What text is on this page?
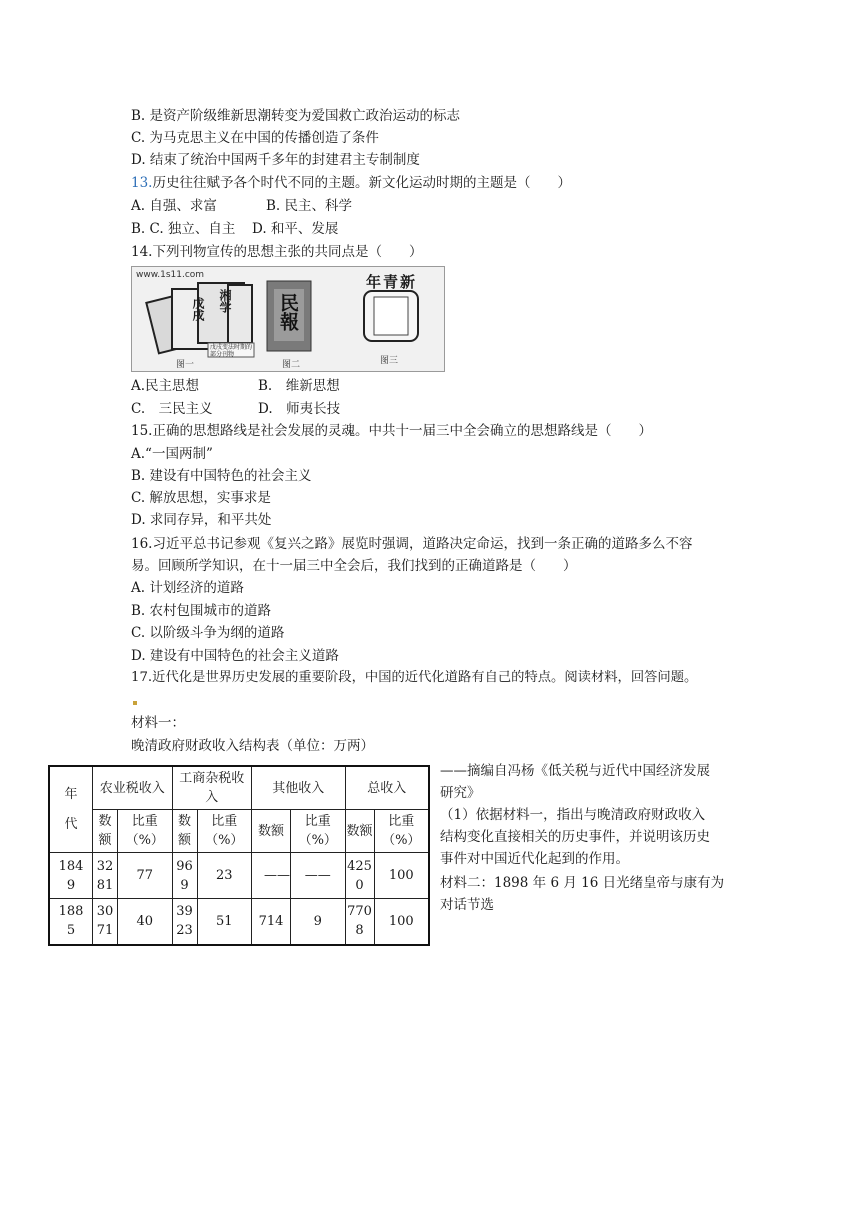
B. 是资产阶级维新思潮转变为爱国救亡政治运动的标志
C. 为马克思主义在中国的传播创造了条件
D. 结束了统治中国两千多年的封建君主专制制度
13.历史往往赋予各个时代不同的主题。新文化运动时期的主题是（　　）
A. 自强、求富	B. 民主、科学
B. C. 独立、自主 D. 和平、发展
14.下列刊物宣传的思想主张的共同点是（　　）
www.1s11.com
戊戌 湘学
戊戌变法时期的部分刊物
图一
民報
图二
年青新
图三
A.民主思想	B.　维新思想
C.　三民主义	D.　师夷长技
15.正确的思想路线是社会发展的灵魂。中共十一届三中全会确立的思想路线是（　　）
A.“一国两制”
B. 建设有中国特色的社会主义
C. 解放思想，实事求是
D. 求同存异，和平共处
16.习近平总书记参观《复兴之路》展览时强调，道路决定命运，找到一条正确的道路多么不容
易。回顾所学知识，在十一届三中全会后，我们找到的正确道路是（　　）
A. 计划经济的道路
B. 农村包围城市的道路
C. 以阶级斗争为纲的道路
D. 建设有中国特色的社会主义道路
17.近代化是世界历史发展的重要阶段，中国的近代化道路有自己的特点。阅读材料，回答问题。
材料一：
晚清政府财政收入结构表（单位：万两）
年代	农业税收入		工商杂税收入		其他收入		总收入	
	数额	比重（%）	数额	比重（%）	数额	比重（%）	数额	比重（%）
1849	3281	77	969	23	——	——	4250	100
1885	3071	40	3923	51	714	9	7708	100
——摘编自冯杨《低关税与近代中国经济发展
研究》
（1）依据材料一，指出与晚清政府财政收入
结构变化直接相关的历史事件，并说明该历史
事件对中国近代化起到的作用。
材料二：1898 年 6 月 16 日光绪皇帝与康有为
对话节选
